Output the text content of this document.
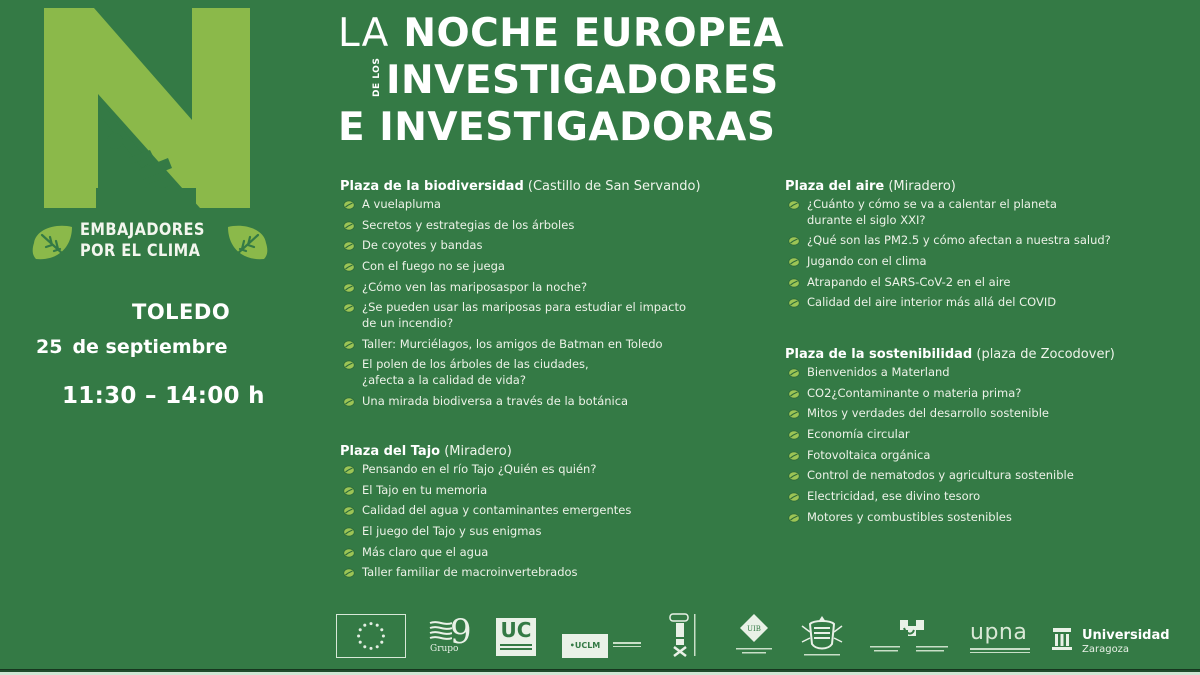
EMBAJADORES
POR EL CLIMA
TOLEDO
25 de septiembre
11:30 – 14:00 h
LA NOCHE EUROPEA
DE LOS INVESTIGADORES
E INVESTIGADORAS
Plaza de la biodiversidad (Castillo de San Servando)
A vuelapluma
Secretos y estrategias de los árboles
De coyotes y bandas
Con el fuego no se juega
¿Cómo ven las mariposaspor la noche?
¿Se pueden usar las mariposas para estudiar el impacto
de un incendio?
Taller: Murciélagos, los amigos de Batman en Toledo
El polen de los árboles de las ciudades,
¿afecta a la calidad de vida?
Una mirada biodiversa a través de la botánica
Plaza del Tajo (Miradero)
Pensando en el río Tajo ¿Quién es quién?
El Tajo en tu memoria
Calidad del agua y contaminantes emergentes
El juego del Tajo y sus enigmas
Más claro que el agua
Taller familiar de macroinvertebrados
Plaza del aire (Miradero)
¿Cuánto y cómo se va a calentar el planeta
durante el siglo XXI?
¿Qué son las PM2.5 y cómo afectan a nuestra salud?
Jugando con el clima
Atrapando el SARS-CoV-2 en el aire
Calidad del aire interior más allá del COVID
Plaza de la sostenibilidad (plaza de Zocodover)
Bienvenidos a Materland
CO2¿Contaminante o materia prima?
Mitos y verdades del desarrollo sostenible
Economía circular
Fotovoltaica orgánica
Control de nematodos y agricultura sostenible
Electricidad, ese divino tesoro
Motores y combustibles sostenibles
9
Grupo
UC
•UCLM
UIB	upna	Universidad
Zaragoza
